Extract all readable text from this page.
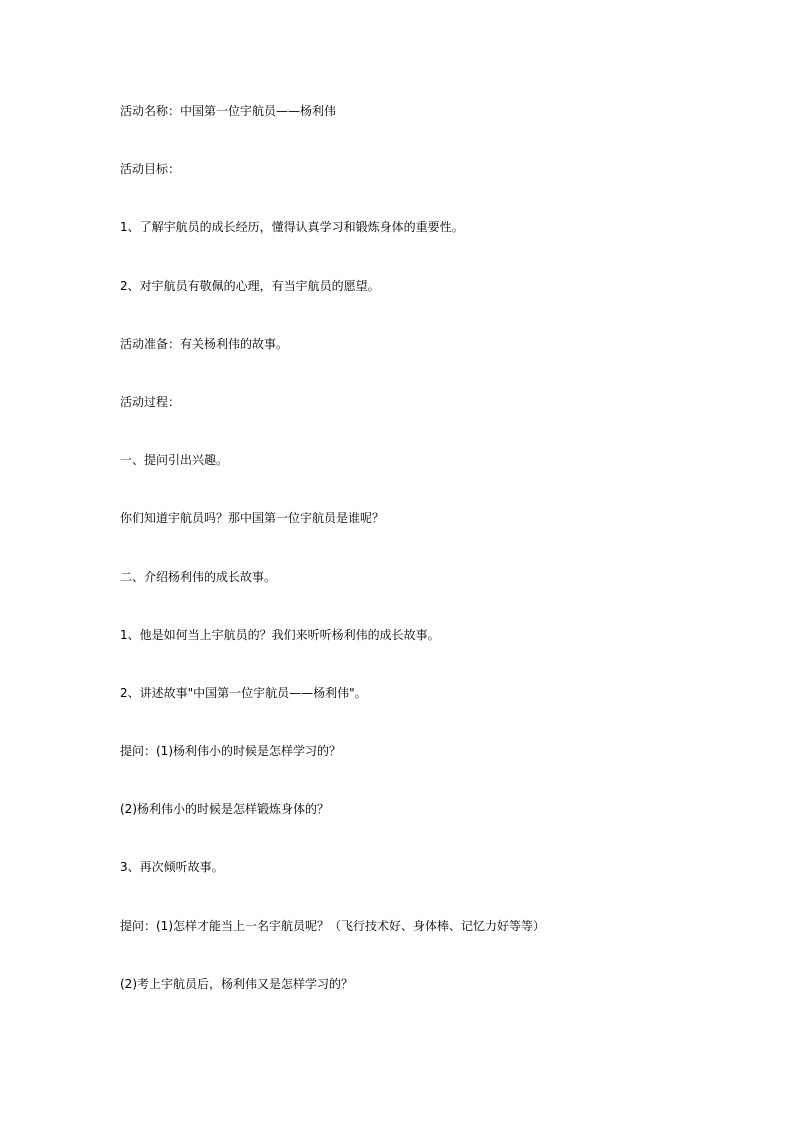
活动名称：中国第一位宇航员——杨利伟

活动目标：

1、了解宇航员的成长经历，懂得认真学习和锻炼身体的重要性。

2、对宇航员有敬佩的心理，有当宇航员的愿望。

活动准备：有关杨利伟的故事。

活动过程：

一、提问引出兴趣。

你们知道宇航员吗？那中国第一位宇航员是谁呢？

二、介绍杨利伟的成长故事。

1、他是如何当上宇航员的？我们来听听杨利伟的成长故事。

2、讲述故事"中国第一位宇航员——杨利伟"。

提问：(1)杨利伟小的时候是怎样学习的？

(2)杨利伟小的时候是怎样锻炼身体的？

3、再次倾听故事。

提问：(1)怎样才能当上一名宇航员呢？（飞行技术好、身体棒、记忆力好等等）

(2)考上宇航员后，杨利伟又是怎样学习的？
